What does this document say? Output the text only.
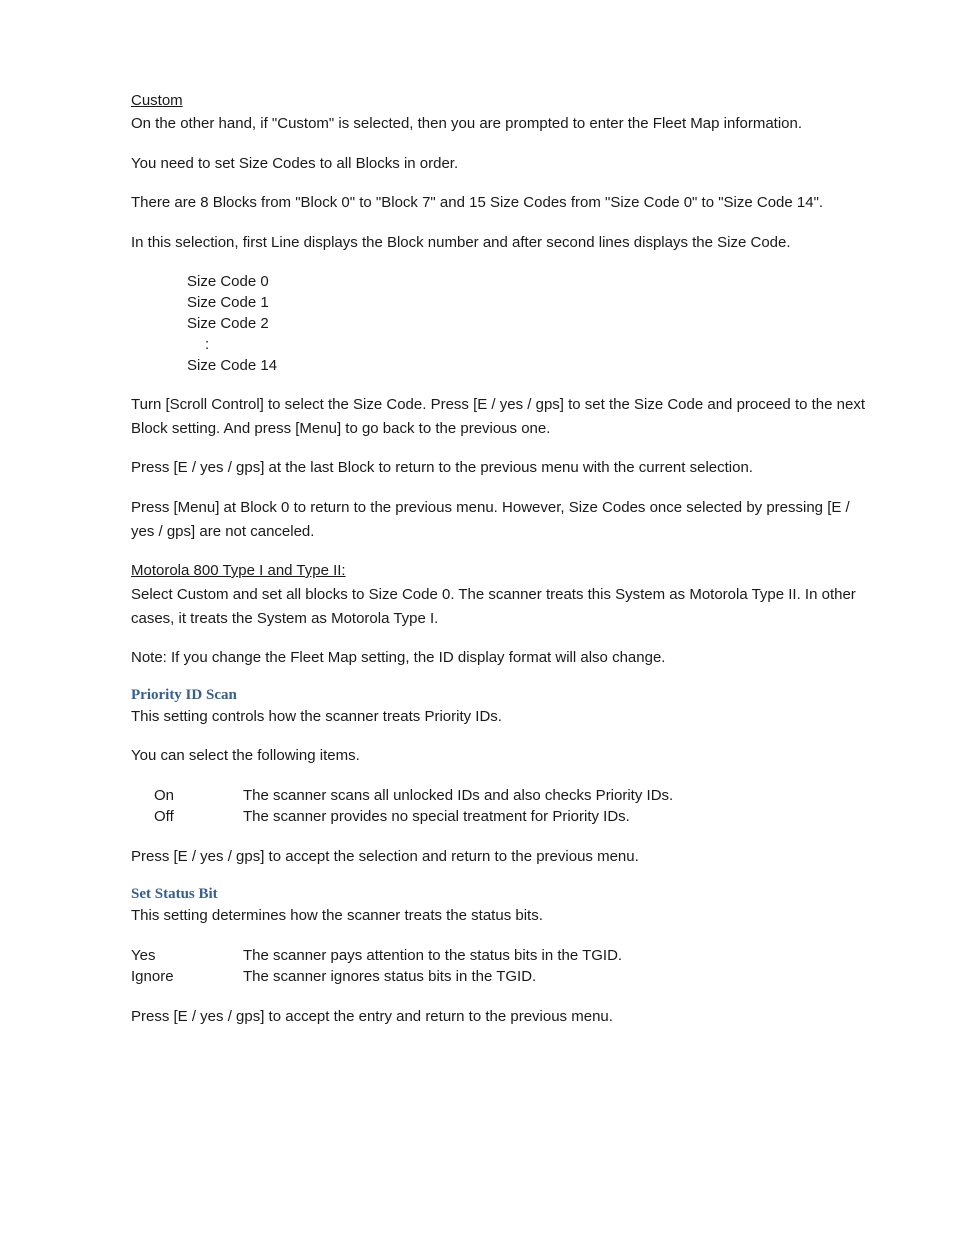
Custom

On the other hand, if "Custom" is selected, then you are prompted to enter the Fleet Map information.

You need to set Size Codes to all Blocks in order.

There are 8 Blocks from "Block 0" to "Block 7" and 15 Size Codes from "Size Code 0" to "Size Code 14".

In this selection, first Line displays the Block number and after second lines displays the Size Code.

Size Code 0
Size Code 1
Size Code 2
:
Size Code 14

Turn [Scroll Control] to select the Size Code. Press [E / yes / gps] to set the Size Code and proceed to the next Block setting. And press [Menu] to go back to the previous one.

Press [E / yes / gps] at the last Block to return to the previous menu with the current selection.

Press [Menu] at Block 0 to return to the previous menu. However, Size Codes once selected by pressing [E / yes / gps] are not canceled.

Motorola 800 Type I and Type II:

Select Custom and set all blocks to Size Code 0. The scanner treats this System as Motorola Type II. In other cases, it treats the System as Motorola Type I.

Note: If you change the Fleet Map setting, the ID display format will also change.

Priority ID Scan

This setting controls how the scanner treats Priority IDs.

You can select the following items.

On	The scanner scans all unlocked IDs and also checks Priority IDs.
Off	The scanner provides no special treatment for Priority IDs.

Press [E / yes / gps] to accept the selection and return to the previous menu.

Set Status Bit

This setting determines how the scanner treats the status bits.

Yes	The scanner pays attention to the status bits in the TGID.
Ignore	The scanner ignores status bits in the TGID.

Press [E / yes / gps] to accept the entry and return to the previous menu.
